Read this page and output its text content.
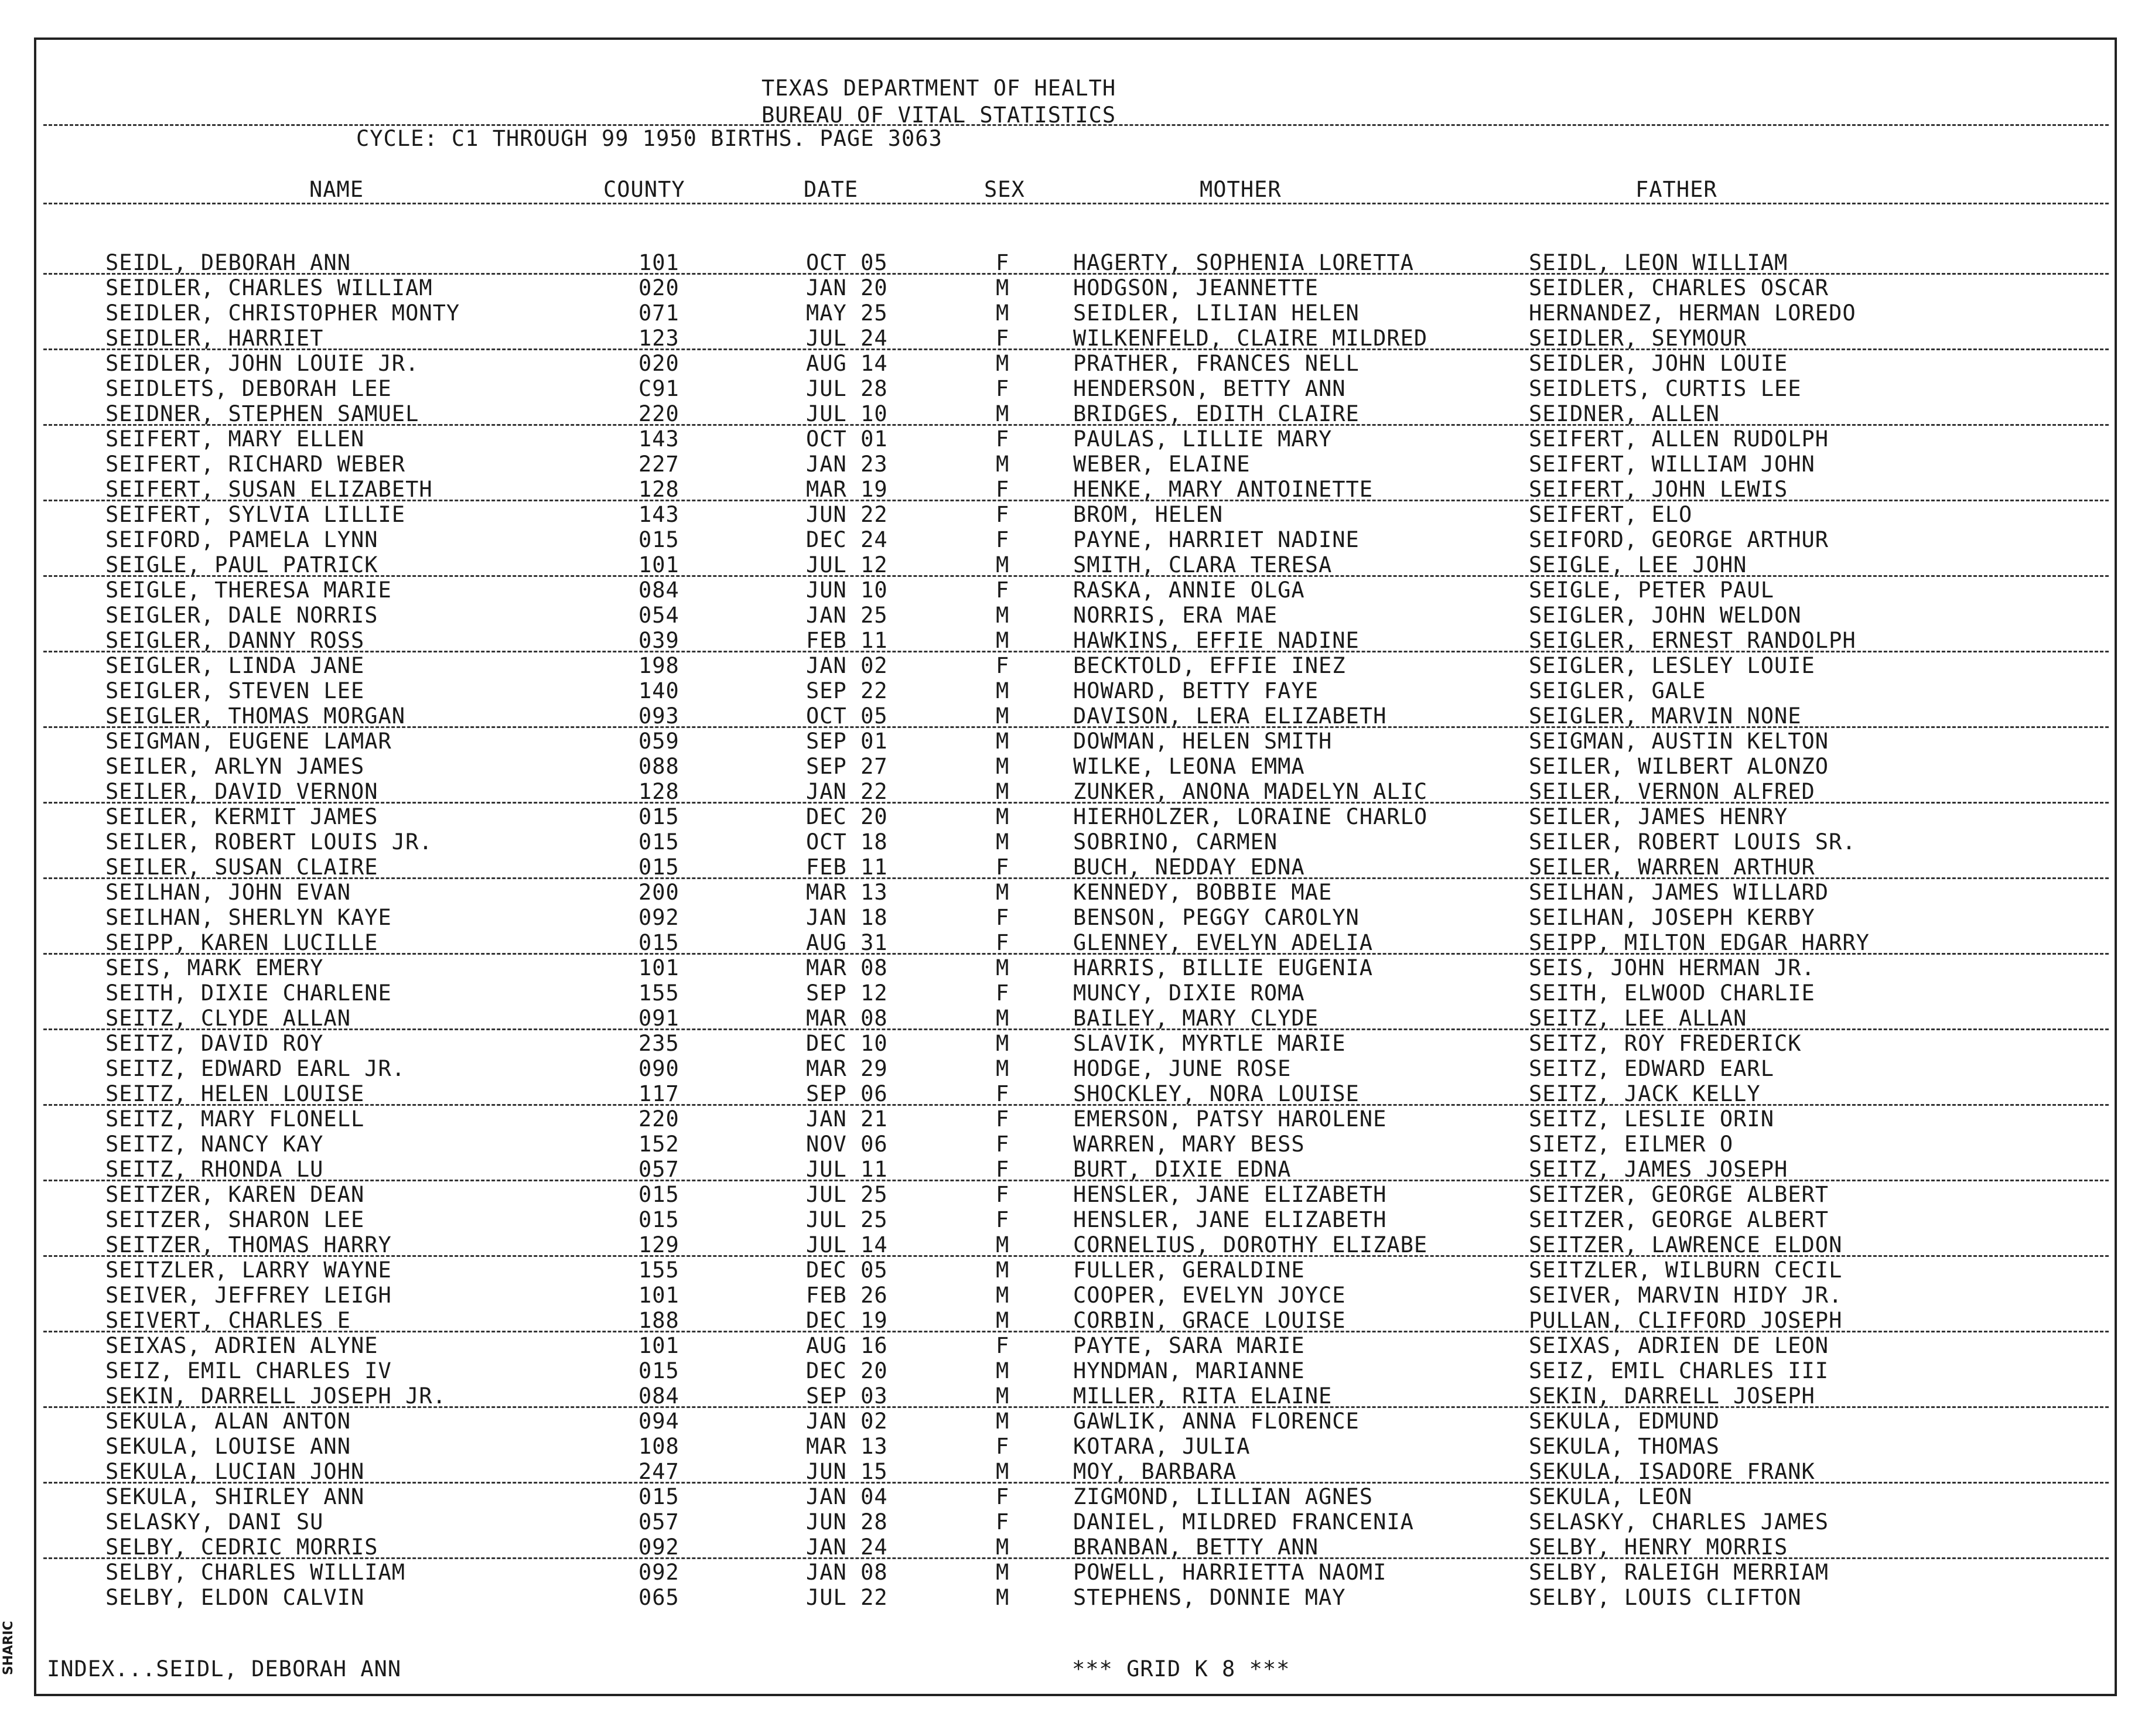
SHARIC
TEXAS DEPARTMENT OF HEALTH
BUREAU OF VITAL STATISTICS
CYCLE: C1 THROUGH 99 1950 BIRTHS. PAGE 3063
NAME	COUNTY	DATE	SEX	MOTHER	FATHER
SEIDL, DEBORAH ANN	101	OCT 05	F	HAGERTY, SOPHENIA LORETTA	SEIDL, LEON WILLIAM
SEIDLER, CHARLES WILLIAM	020	JAN 20	M	HODGSON, JEANNETTE	SEIDLER, CHARLES OSCAR
SEIDLER, CHRISTOPHER MONTY	071	MAY 25	M	SEIDLER, LILIAN HELEN	HERNANDEZ, HERMAN LOREDO
SEIDLER, HARRIET	123	JUL 24	F	WILKENFELD, CLAIRE MILDRED	SEIDLER, SEYMOUR
SEIDLER, JOHN LOUIE JR.	020	AUG 14	M	PRATHER, FRANCES NELL	SEIDLER, JOHN LOUIE
SEIDLETS, DEBORAH LEE	C91	JUL 28	F	HENDERSON, BETTY ANN	SEIDLETS, CURTIS LEE
SEIDNER, STEPHEN SAMUEL	220	JUL 10	M	BRIDGES, EDITH CLAIRE	SEIDNER, ALLEN
SEIFERT, MARY ELLEN	143	OCT 01	F	PAULAS, LILLIE MARY	SEIFERT, ALLEN RUDOLPH
SEIFERT, RICHARD WEBER	227	JAN 23	M	WEBER, ELAINE	SEIFERT, WILLIAM JOHN
SEIFERT, SUSAN ELIZABETH	128	MAR 19	F	HENKE, MARY ANTOINETTE	SEIFERT, JOHN LEWIS
SEIFERT, SYLVIA LILLIE	143	JUN 22	F	BROM, HELEN	SEIFERT, ELO
SEIFORD, PAMELA LYNN	015	DEC 24	F	PAYNE, HARRIET NADINE	SEIFORD, GEORGE ARTHUR
SEIGLE, PAUL PATRICK	101	JUL 12	M	SMITH, CLARA TERESA	SEIGLE, LEE JOHN
SEIGLE, THERESA MARIE	084	JUN 10	F	RASKA, ANNIE OLGA	SEIGLE, PETER PAUL
SEIGLER, DALE NORRIS	054	JAN 25	M	NORRIS, ERA MAE	SEIGLER, JOHN WELDON
SEIGLER, DANNY ROSS	039	FEB 11	M	HAWKINS, EFFIE NADINE	SEIGLER, ERNEST RANDOLPH
SEIGLER, LINDA JANE	198	JAN 02	F	BECKTOLD, EFFIE INEZ	SEIGLER, LESLEY LOUIE
SEIGLER, STEVEN LEE	140	SEP 22	M	HOWARD, BETTY FAYE	SEIGLER, GALE
SEIGLER, THOMAS MORGAN	093	OCT 05	M	DAVISON, LERA ELIZABETH	SEIGLER, MARVIN NONE
SEIGMAN, EUGENE LAMAR	059	SEP 01	M	DOWMAN, HELEN SMITH	SEIGMAN, AUSTIN KELTON
SEILER, ARLYN JAMES	088	SEP 27	M	WILKE, LEONA EMMA	SEILER, WILBERT ALONZO
SEILER, DAVID VERNON	128	JAN 22	M	ZUNKER, ANONA MADELYN ALIC	SEILER, VERNON ALFRED
SEILER, KERMIT JAMES	015	DEC 20	M	HIERHOLZER, LORAINE CHARLO	SEILER, JAMES HENRY
SEILER, ROBERT LOUIS JR.	015	OCT 18	M	SOBRINO, CARMEN	SEILER, ROBERT LOUIS SR.
SEILER, SUSAN CLAIRE	015	FEB 11	F	BUCH, NEDDAY EDNA	SEILER, WARREN ARTHUR
SEILHAN, JOHN EVAN	200	MAR 13	M	KENNEDY, BOBBIE MAE	SEILHAN, JAMES WILLARD
SEILHAN, SHERLYN KAYE	092	JAN 18	F	BENSON, PEGGY CAROLYN	SEILHAN, JOSEPH KERBY
SEIPP, KAREN LUCILLE	015	AUG 31	F	GLENNEY, EVELYN ADELIA	SEIPP, MILTON EDGAR HARRY
SEIS, MARK EMERY	101	MAR 08	M	HARRIS, BILLIE EUGENIA	SEIS, JOHN HERMAN JR.
SEITH, DIXIE CHARLENE	155	SEP 12	F	MUNCY, DIXIE ROMA	SEITH, ELWOOD CHARLIE
SEITZ, CLYDE ALLAN	091	MAR 08	M	BAILEY, MARY CLYDE	SEITZ, LEE ALLAN
SEITZ, DAVID ROY	235	DEC 10	M	SLAVIK, MYRTLE MARIE	SEITZ, ROY FREDERICK
SEITZ, EDWARD EARL JR.	090	MAR 29	M	HODGE, JUNE ROSE	SEITZ, EDWARD EARL
SEITZ, HELEN LOUISE	117	SEP 06	F	SHOCKLEY, NORA LOUISE	SEITZ, JACK KELLY
SEITZ, MARY FLONELL	220	JAN 21	F	EMERSON, PATSY HAROLENE	SEITZ, LESLIE ORIN
SEITZ, NANCY KAY	152	NOV 06	F	WARREN, MARY BESS	SIETZ, EILMER O
SEITZ, RHONDA LU	057	JUL 11	F	BURT, DIXIE EDNA	SEITZ, JAMES JOSEPH
SEITZER, KAREN DEAN	015	JUL 25	F	HENSLER, JANE ELIZABETH	SEITZER, GEORGE ALBERT
SEITZER, SHARON LEE	015	JUL 25	F	HENSLER, JANE ELIZABETH	SEITZER, GEORGE ALBERT
SEITZER, THOMAS HARRY	129	JUL 14	M	CORNELIUS, DOROTHY ELIZABE	SEITZER, LAWRENCE ELDON
SEITZLER, LARRY WAYNE	155	DEC 05	M	FULLER, GERALDINE	SEITZLER, WILBURN CECIL
SEIVER, JEFFREY LEIGH	101	FEB 26	M	COOPER, EVELYN JOYCE	SEIVER, MARVIN HIDY JR.
SEIVERT, CHARLES E	188	DEC 19	M	CORBIN, GRACE LOUISE	PULLAN, CLIFFORD JOSEPH
SEIXAS, ADRIEN ALYNE	101	AUG 16	F	PAYTE, SARA MARIE	SEIXAS, ADRIEN DE LEON
SEIZ, EMIL CHARLES IV	015	DEC 20	M	HYNDMAN, MARIANNE	SEIZ, EMIL CHARLES III
SEKIN, DARRELL JOSEPH JR.	084	SEP 03	M	MILLER, RITA ELAINE	SEKIN, DARRELL JOSEPH
SEKULA, ALAN ANTON	094	JAN 02	M	GAWLIK, ANNA FLORENCE	SEKULA, EDMUND
SEKULA, LOUISE ANN	108	MAR 13	F	KOTARA, JULIA	SEKULA, THOMAS
SEKULA, LUCIAN JOHN	247	JUN 15	M	MOY, BARBARA	SEKULA, ISADORE FRANK
SEKULA, SHIRLEY ANN	015	JAN 04	F	ZIGMOND, LILLIAN AGNES	SEKULA, LEON
SELASKY, DANI SU	057	JUN 28	F	DANIEL, MILDRED FRANCENIA	SELASKY, CHARLES JAMES
SELBY, CEDRIC MORRIS	092	JAN 24	M	BRANBAN, BETTY ANN	SELBY, HENRY MORRIS
SELBY, CHARLES WILLIAM	092	JAN 08	M	POWELL, HARRIETTA NAOMI	SELBY, RALEIGH MERRIAM
SELBY, ELDON CALVIN	065	JUL 22	M	STEPHENS, DONNIE MAY	SELBY, LOUIS CLIFTON
INDEX...SEIDL, DEBORAH ANN	*** GRID K 8 ***
